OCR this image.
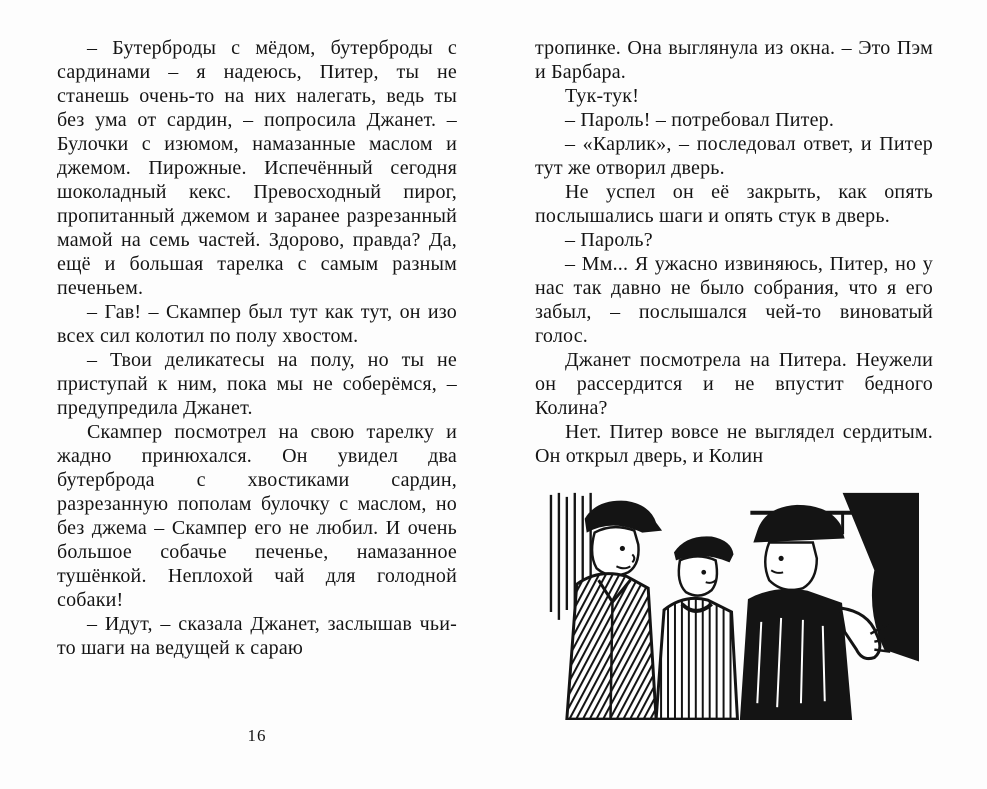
– Бутерброды с мёдом, бутерброды с сардинами – я надеюсь, Питер, ты не станешь очень-то на них налегать, ведь ты без ума от сардин, – попросила Джанет. – Булочки с изюмом, намазанные маслом и джемом. Пирожные. Испечённый сегодня шоколадный кекс. Превосходный пирог, пропитанный джемом и заранее разрезанный мамой на семь частей. Здорово, правда? Да, ещё и большая тарелка с самым разным печеньем.

– Гав! – Скампер был тут как тут, он изо всех сил колотил по полу хвостом.

– Твои деликатесы на полу, но ты не приступай к ним, пока мы не соберёмся, – предупредила Джанет.

Скампер посмотрел на свою тарелку и жадно принюхался. Он увидел два бутерброда с хвостиками сардин, разрезанную пополам булочку с маслом, но без джема – Скампер его не любил. И очень большое собачье печенье, намазанное тушёнкой. Неплохой чай для голодной собаки!

– Идут, – сказала Джанет, заслышав чьи-то шаги на ведущей к сараю

тропинке. Она выглянула из окна. – Это Пэм и Барбара.

Тук-тук!

– Пароль! – потребовал Питер.

– «Карлик», – последовал ответ, и Питер тут же отворил дверь.

Не успел он её закрыть, как опять послышались шаги и опять стук в дверь.

– Пароль?

– Мм... Я ужасно извиняюсь, Питер, но у нас так давно не было собрания, что я его забыл, – послышался чей-то виноватый голос.

Джанет посмотрела на Питера. Неужели он рассердится и не впустит бедного Колина?

Нет. Питер вовсе не выглядел сердитым. Он открыл дверь, и Колин

16
